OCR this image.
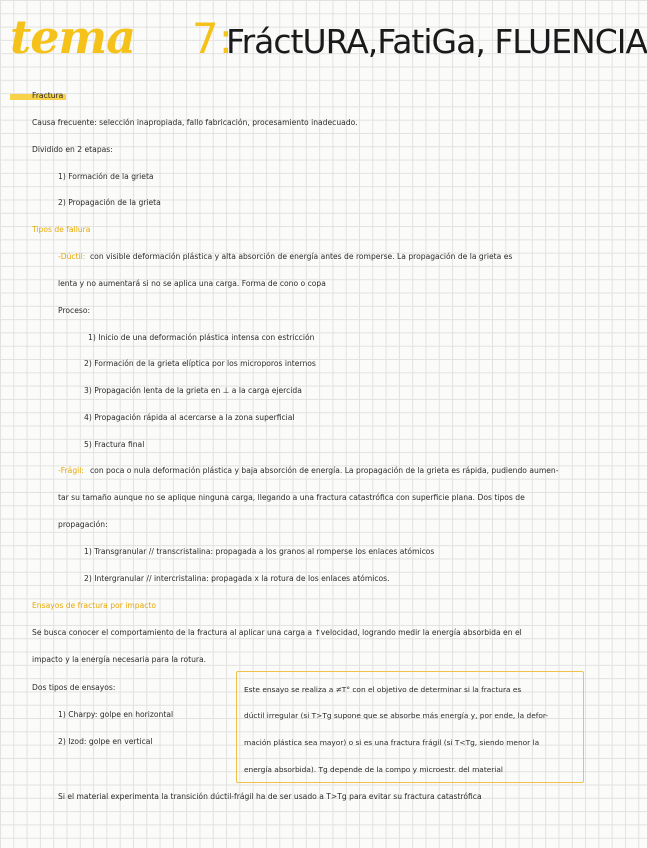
tema 7:
FráctURA,FatiGa, FLUENCIA
Fractura
Causa frecuente: selección inapropiada, fallo fabricación, procesamiento inadecuado.
Dividido en 2 etapas:
1) Formación de la grieta
2) Propagación de la grieta
Tipos de fallura
-Dúctil: con visible deformación plástica y alta absorción de energía antes de romperse. La propagación de la grieta es
lenta y no aumentará si no se aplica una carga. Forma de cono o copa
Proceso:
1) Inicio de una deformación plástica intensa con estricción
2) Formación de la grieta elíptica por los microporos internos
3) Propagación lenta de la grieta en ⊥ a la carga ejercida
4) Propagación rápida al acercarse a la zona superficial
5) Fractura final
-Frágil: con poca o nula deformación plástica y baja absorción de energía. La propagación de la grieta es rápida, pudiendo aumen-
tar su tamaño aunque no se aplique ninguna carga, llegando a una fractura catastrófica con superficie plana. Dos tipos de
propagación:
1) Transgranular // transcristalina: propagada a los granos al romperse los enlaces atómicos
2) Intergranular // intercristalina: propagada x la rotura de los enlaces atómicos.
Ensayos de fractura por impacto
Se busca conocer el comportamiento de la fractura al aplicar una carga a ↑velocidad, logrando medir la energía absorbida en el
impacto y la energía necesaria para la rotura.
Dos tipos de ensayos:
1) Charpy: golpe en horizontal
2) Izod: golpe en vertical
Este ensayo se realiza a ≠T° con el objetivo de determinar si la fractura es
dúctil irregular (si T>Tg supone que se absorbe más energía y, por ende, la defor-
mación plástica sea mayor) o si es una fractura frágil (si T<Tg, siendo menor la
energía absorbida). Tg depende de la compo y microestr. del material
Si el material experimenta la transición dúctil-frágil ha de ser usado a T>Tg para evitar su fractura catastrófica
